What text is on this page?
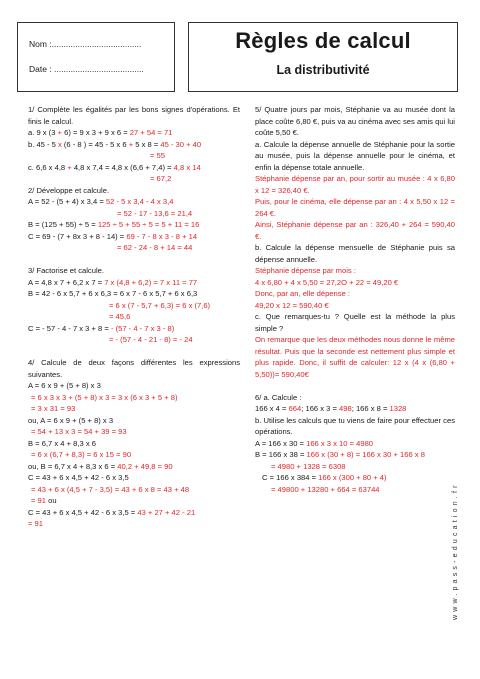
Nom :......................................
Date : ......................................
Règles de calcul
La distributivité
1/ Complète les égalités par les bons signes d'opérations. Et finis le calcul.
a. 9 x (3 + 6) = 9 x 3 + 9 x 6 = 27 + 54 = 71
b. 45 - 5 x (6 - 8 ) = 45 - 5 x 6 + 5 x 8 = 45 - 30 + 40
= 55
c. 6,6 x 4,8 + 4,8 x 7,4 = 4,8 x (6,6 + 7,4) = 4,8 x 14
= 67,2
2/ Développe et calcule.
A = 52 - (5 + 4) x 3,4 = 52 - 5 x 3,4 - 4 x 3,4
= 52 - 17 - 13,6 = 21,4
B = (125 + 55) ÷ 5 = 125 ÷ 5 + 55 ÷ 5 = 5 + 11 = 16
C = 69 - (7 + 8x 3 + 8 - 14) = 69 - 7 - 8 x 3 - 8 + 14
= 62 - 24 - 8 + 14 = 44
3/ Factorise et calcule.
A = 4,8 x 7 + 6,2 x 7 = 7 x (4,8 + 6,2) = 7 x 11 = 77
B = 42 - 6 x 5,7 + 6 x 6,3 = 6 x 7 - 6 x 5,7 + 6 x 6,3
= 6 x (7 - 5,7 + 6,3) = 6 x (7,6)
= 45,6
C = - 57 - 4 - 7 x 3 + 8 = - (57 - 4 - 7 x 3 - 8)
= - (57 - 4 - 21 - 8) = - 24
4/ Calcule de deux façons différentes les expressions suivantes.
A = 6 x 9 + (5 + 8) x 3
= 6 x 3 x 3 + (5 + 8) x 3 = 3 x (6 x 3 + 5 + 8)
= 3 x 31 = 93
ou, A = 6 x 9 + (5 + 8) x 3
= 54 + 13 x 3 = 54 + 39 = 93
B = 6,7 x 4 + 8,3 x 6
= 6 x (6,7 + 8,3) = 6 x 15 = 90
ou, B = 6,7 x 4 + 8,3 x 6 = 40,2 + 49,8 = 90
C = 43 + 6 x 4,5 + 42 - 6 x 3,5
= 43 + 6 x (4,5 + 7 - 3,5) = 43 + 6 x 8 = 43 + 48
= 91 ou
C = 43 + 6 x 4,5 + 42 - 6 x 3,5 = 43 + 27 + 42 - 21
= 91
5/ Quatre jours par mois, Stéphanie va au musée dont la place coûte 6,80 €, puis va au cinéma avec ses amis qui lui coûte 5,50 €.
a. Calcule la dépense annuelle de Stéphanie pour la sortie au musée, puis la dépense annuelle pour le cinéma, et enfin la dépense totale annuelle.
Stéphanie dépense par an, pour sortir au musée : 4 x 6,80 x 12 = 326,40 €.
Puis, pour le cinéma, elle dépense par an : 4 x 5,50 x 12 = 264 €.
Ainsi, Stéphanie dépense par an : 326,40 + 264 = 590,40 €.
b. Calcule la dépense mensuelle de Stéphanie puis sa dépense annuelle.
Stéphanie dépense par mois :
4 x 6,80 + 4 x 5,50 = 27,2O + 22 = 49,20 €
Donc, par an, elle dépense :
49,20 x 12 = 590,40 €
c. Que remarques-tu ? Quelle est la méthode la plus simple ?
On remarque que les deux méthodes nous donne le même résultat. Puis que la seconde est nettement plus simple et plus rapide. Donc, il suffit de calculer: 12 x (4 x (6,80 + 5,50))= 590,40€
6/ a. Calcule :
166 x 4 = 664; 166 x 3 = 498; 166 x 8 = 1328
b. Utilise les calculs que tu viens de faire pour effectuer ces opérations.
A = 166 x 30 = 166 x 3 x 10 = 4980
B = 166 x 38 = 166 x (30 + 8) = 166 x 30 + 166 x 8
= 4980 + 1328 = 6308
C = 166 x 384 = 166 x (300 + 80 + 4)
= 49800 + 13280 + 664 = 63744	www.pass-education.fr
